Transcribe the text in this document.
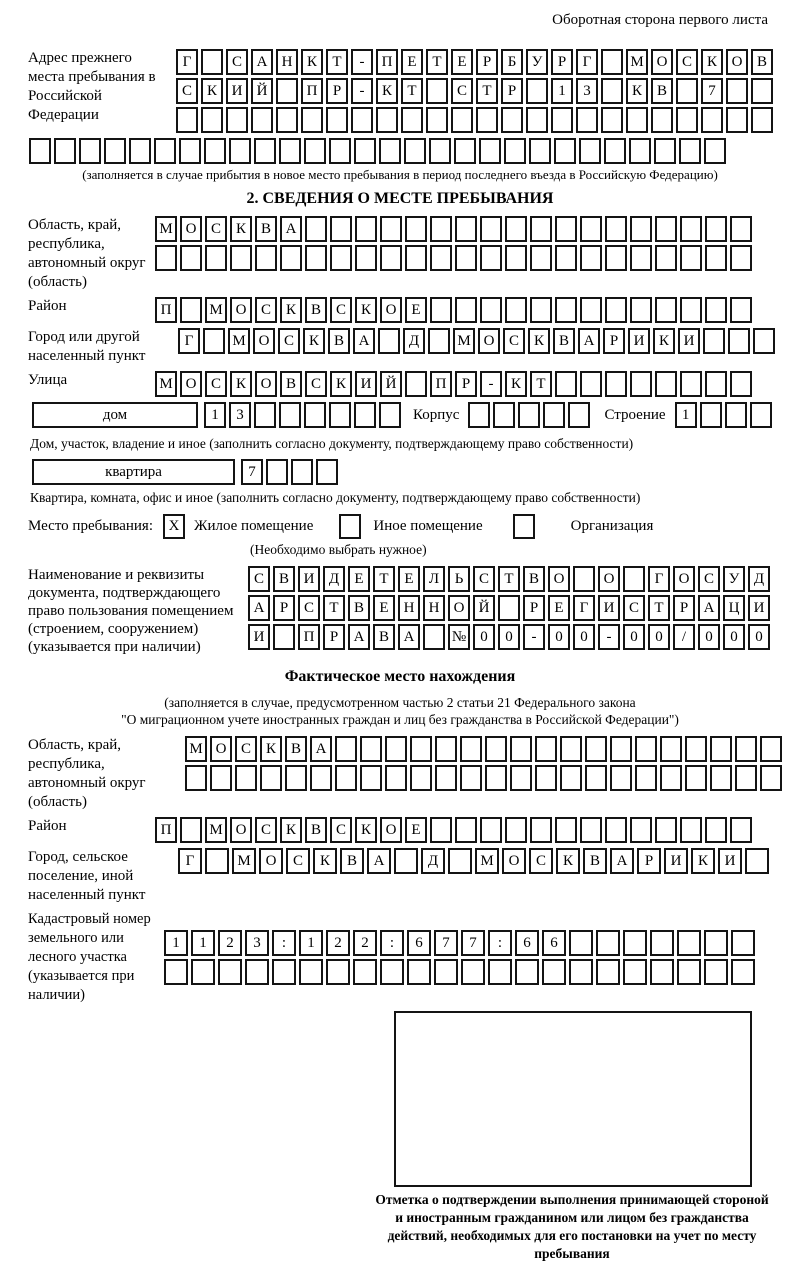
Оборотная сторона первого листа
Адрес прежнего места пребывания в Российской Федерации
Г	С А Н К	Т	-	П Е	Т	Е	Р	Б	У	Р	Г	М О С К О В
С К И Й	П	Р	-	К	Т	С	Т	Р	1	3	К В	7
(заполняется в случае прибытия в новое место пребывания в период последнего въезда в Российскую Федерацию)
2. СВЕДЕНИЯ О МЕСТЕ ПРЕБЫВАНИЯ
Область, край, республика, автономный округ (область)
М О С К В А
Район	П	М О С К В С К О Е
Город или другой населенный пункт
Г	М О С К В А	Д	М О С К В А	Р	И К И
Улица	М О С К О В С К И Й	П	Р	-	К	Т
дом	1	3	Корпус	Строение	1
Дом, участок, владение и иное (заполнить согласно документу, подтверждающему право собственности)
квартира	7
Квартира, комната, офис и иное (заполнить согласно документу, подтверждающему право собственности)
Место пребывания:	X Жилое помещение	Иное помещение	Организация
(Необходимо выбрать нужное)
Наименование и реквизиты документа, подтверждающего право пользования помещением (строением, сооружением) (указывается при наличии)
С В И Д	Е	Т	Е	Л	Ь	С	Т	В О	О	Г	О С У Д
А	Р	С	Т	В	Е	Н Н О Й	Р	Е	Г	И С	Т	Р	А Ц И
И	П	Р	А В А	№ 0	0	-	0	0	-	0	0	/	0	0	0
Фактическое место нахождения
(заполняется в случае, предусмотренном частью 2 статьи 21 Федерального закона
"О миграционном учете иностранных граждан и лиц без гражданства в Российской Федерации")
Область, край, республика, автономный округ (область)
М О С К В А
Район	П	М О С К В С К О Е
Город, сельское поселение, иной населенный пункт
Г	М О	С	К	В	А	Д	М О	С	К	В	А	Р	И	К	И
Кадастровый номер земельного или лесного участка (указывается при наличии)
1	1	2	3	:	1	2	2	:	6	7	7	:	6	6
Отметка о подтверждении выполнения принимающей стороной и иностранным гражданином или лицом без гражданства действий, необходимых для его постановки на учет по месту пребывания
